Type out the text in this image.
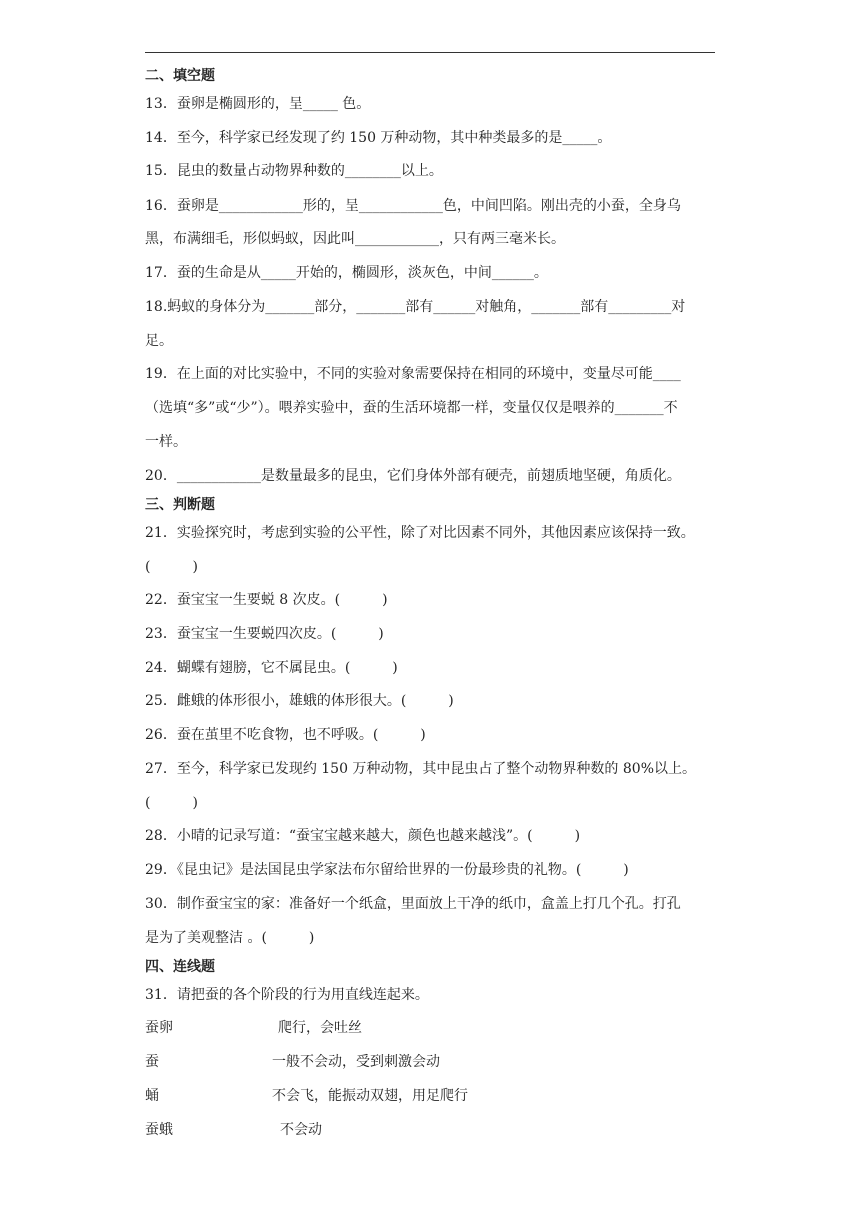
二、填空题
13．蚕卵是椭圆形的，呈_____ 色。
14．至今，科学家已经发现了约 150 万种动物，其中种类最多的是_____。
15．昆虫的数量占动物界种数的________以上。
16．蚕卵是____________形的，呈____________色，中间凹陷。刚出壳的小蚕，全身乌
黑，布满细毛，形似蚂蚁，因此叫____________，只有两三毫米长。
17．蚕的生命是从_____开始的，椭圆形，淡灰色，中间______。
18.蚂蚁的身体分为_______部分，_______部有______对触角，_______部有_________对
足。
19．在上面的对比实验中，不同的实验对象需要保持在相同的环境中，变量尽可能____
（选填“多”或“少”）。喂养实验中，蚕的生活环境都一样，变量仅仅是喂养的_______不
一样。
20．____________是数量最多的昆虫，它们身体外部有硬壳，前翅质地坚硬，角质化。
三、判断题
21．实验探究时，考虑到实验的公平性，除了对比因素不同外，其他因素应该保持一致。
(　　　)
22．蚕宝宝一生要蜕 8 次皮。(　　　)
23．蚕宝宝一生要蜕四次皮。(　　　)
24．蝴蝶有翅膀，它不属昆虫。(　　　)
25．雌蛾的体形很小，雄蛾的体形很大。(　　　)
26．蚕在茧里不吃食物，也不呼吸。(　　　)
27．至今，科学家已发现约 150 万种动物，其中昆虫占了整个动物界种数的 80%以上。
(　　　)
28．小晴的记录写道：“蚕宝宝越来越大，颜色也越来越浅”。(　　　)
29．《昆虫记》是法国昆虫学家法布尔留给世界的一份最珍贵的礼物。(　　　)
30．制作蚕宝宝的家：准备好一个纸盒，里面放上干净的纸巾，盒盖上打几个孔。打孔
是为了美观整洁 。(　　　)
四、连线题
31．请把蚕的各个阶段的行为用直线连起来。
蚕卵	爬行，会吐丝
蚕	一般不会动，受到刺激会动
蛹	不会飞，能振动双翅，用足爬行
蚕蛾	不会动
